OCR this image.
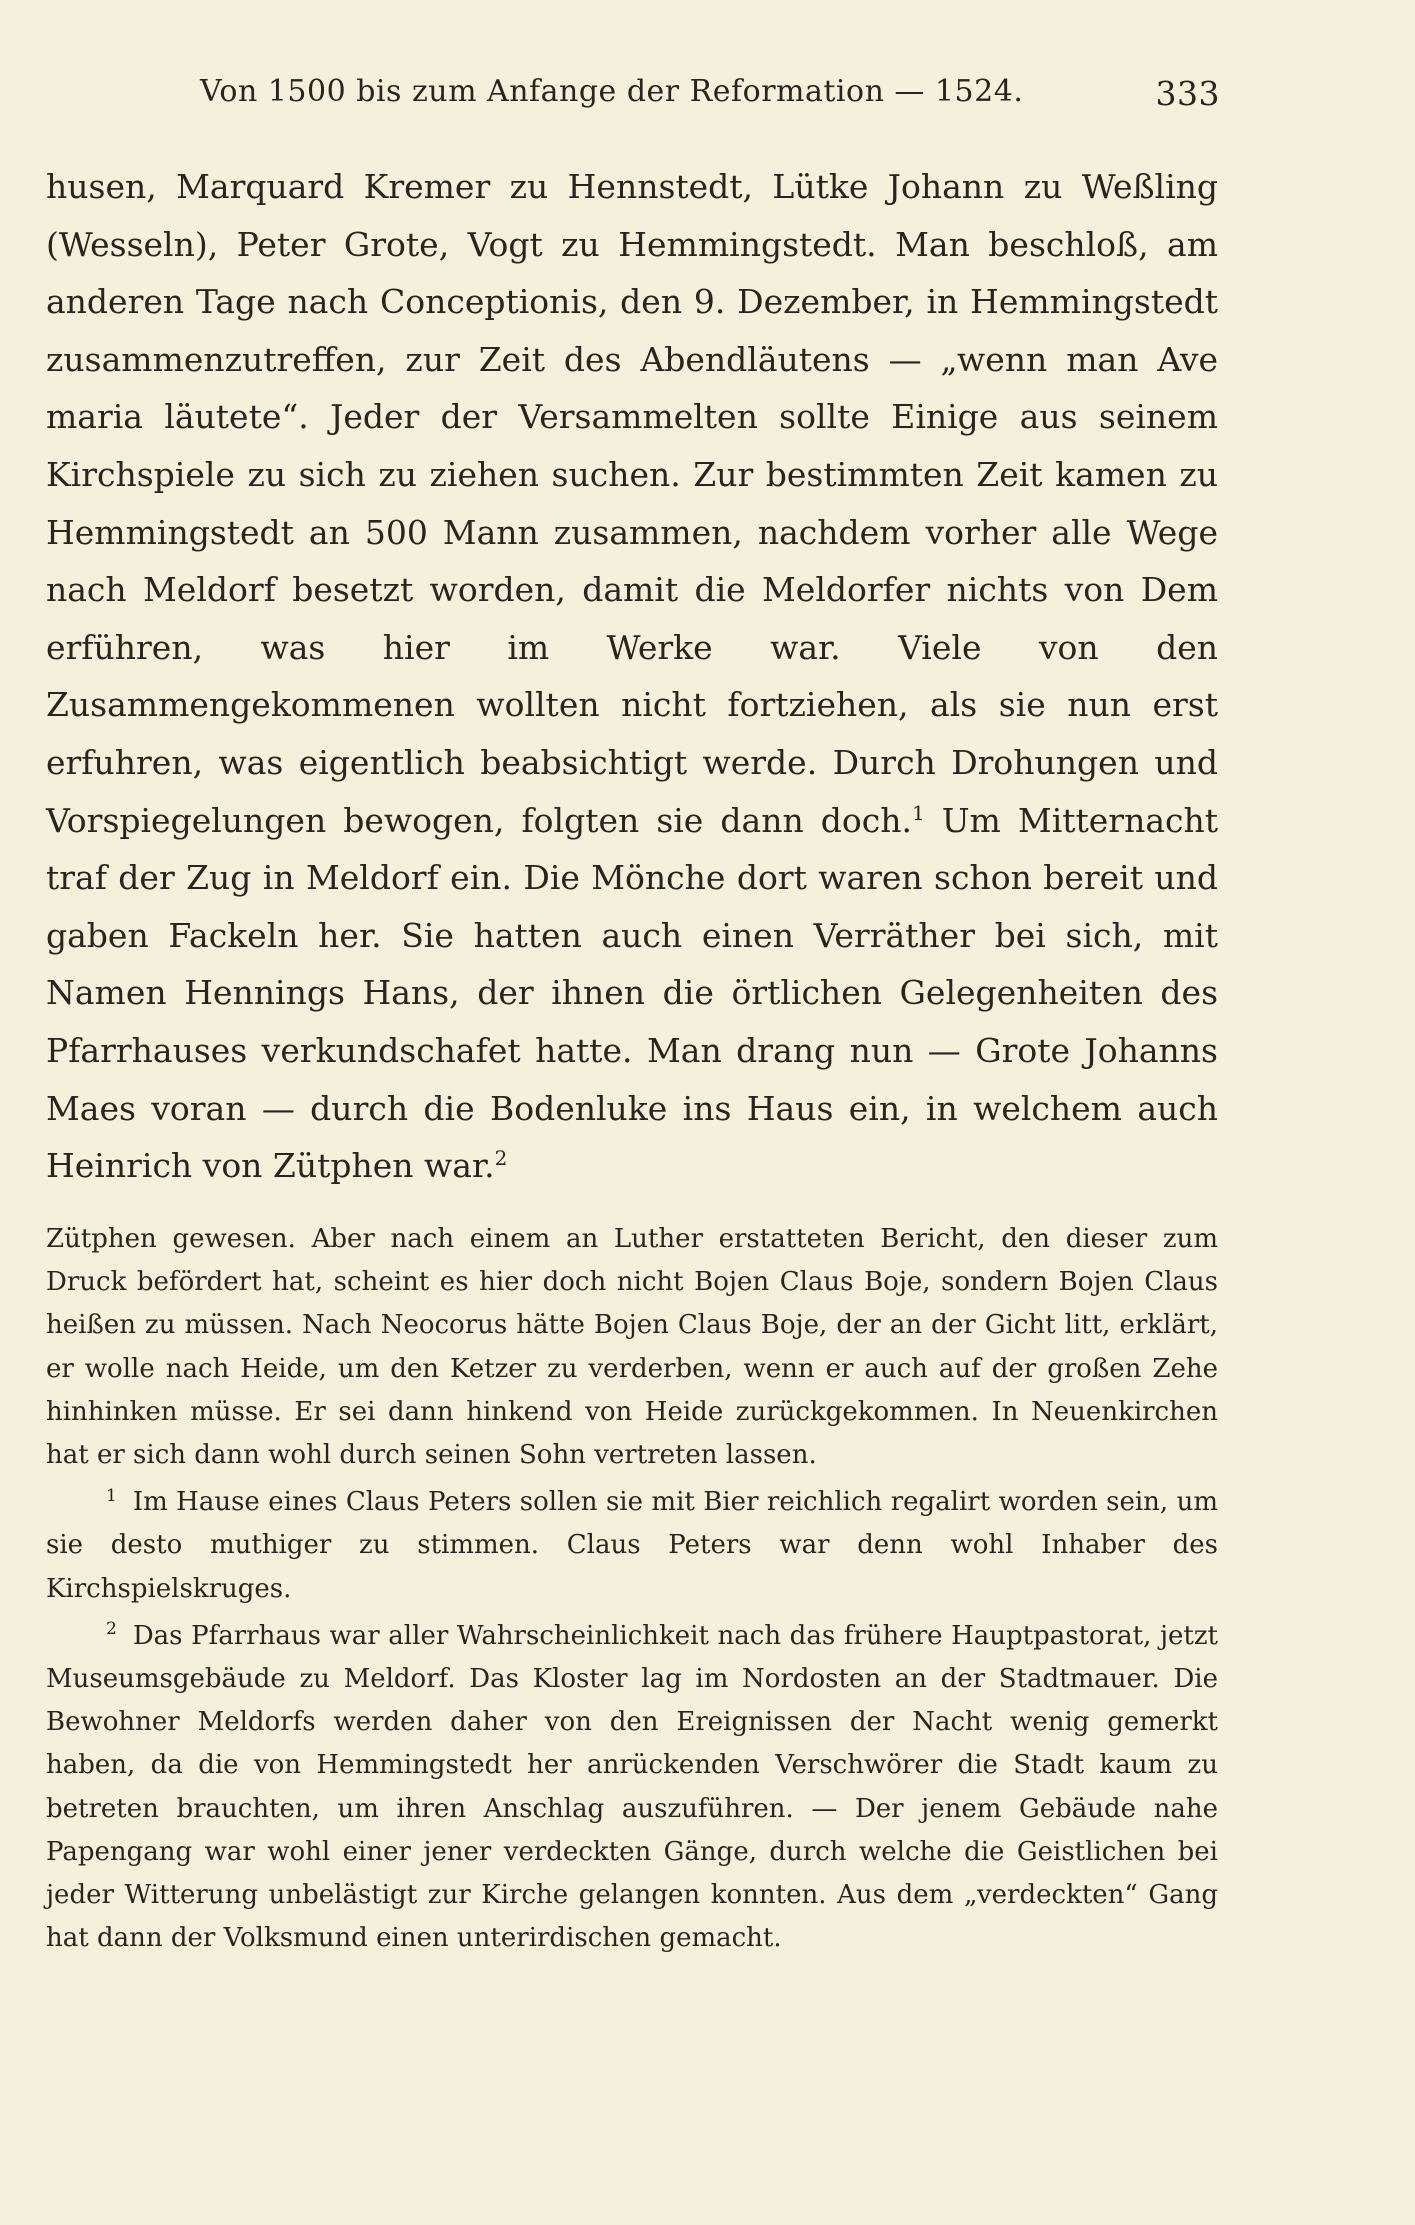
Von 1500 bis zum Anfange der Reformation — 1524.	333

husen, Marquard Kremer zu Hennstedt, Lütke Johann zu Weßling (Wesseln), Peter Grote, Vogt zu Hemmingstedt. Man beschloß, am anderen Tage nach Conceptionis, den 9. Dezember, in Hemmingstedt zusammenzutreffen, zur Zeit des Abendläutens — „wenn man Ave maria läutete“. Jeder der Versammelten sollte Einige aus seinem Kirchspiele zu sich zu ziehen suchen. Zur bestimmten Zeit kamen zu Hemmingstedt an 500 Mann zusammen, nachdem vorher alle Wege nach Meldorf besetzt worden, damit die Meldorfer nichts von Dem erführen, was hier im Werke war. Viele von den Zusammengekommenen wollten nicht fortziehen, als sie nun erst erfuhren, was eigentlich beabsichtigt werde. Durch Drohungen und Vorspiegelungen bewogen, folgten sie dann doch.$^1$ Um Mitternacht traf der Zug in Meldorf ein. Die Mönche dort waren schon bereit und gaben Fackeln her. Sie hatten auch einen Verräther bei sich, mit Namen Hennings Hans, der ihnen die örtlichen Gelegenheiten des Pfarrhauses verkundschafet hatte. Man drang nun — Grote Johanns Maes voran — durch die Bodenluke ins Haus ein, in welchem auch Heinrich von Zütphen war.$^2$

Zütphen gewesen. Aber nach einem an Luther erstatteten Bericht, den dieser zum Druck befördert hat, scheint es hier doch nicht Bojen Claus Boje, sondern Bojen Claus heißen zu müssen. Nach Neocorus hätte Bojen Claus Boje, der an der Gicht litt, erklärt, er wolle nach Heide, um den Ketzer zu verderben, wenn er auch auf der großen Zehe hinhinken müsse. Er sei dann hinkend von Heide zurückgekommen. In Neuenkirchen hat er sich dann wohl durch seinen Sohn vertreten lassen.

$^1$ Im Hause eines Claus Peters sollen sie mit Bier reichlich regalirt worden sein, um sie desto muthiger zu stimmen. Claus Peters war denn wohl Inhaber des Kirchspielskruges.

$^2$ Das Pfarrhaus war aller Wahrscheinlichkeit nach das frühere Hauptpastorat, jetzt Museumsgebäude zu Meldorf. Das Kloster lag im Nordosten an der Stadtmauer. Die Bewohner Meldorfs werden daher von den Ereignissen der Nacht wenig gemerkt haben, da die von Hemmingstedt her anrückenden Verschwörer die Stadt kaum zu betreten brauchten, um ihren Anschlag auszuführen. — Der jenem Gebäude nahe Papengang war wohl einer jener verdeckten Gänge, durch welche die Geistlichen bei jeder Witterung unbelästigt zur Kirche gelangen konnten. Aus dem „verdeckten“ Gang hat dann der Volksmund einen unterirdischen gemacht.
